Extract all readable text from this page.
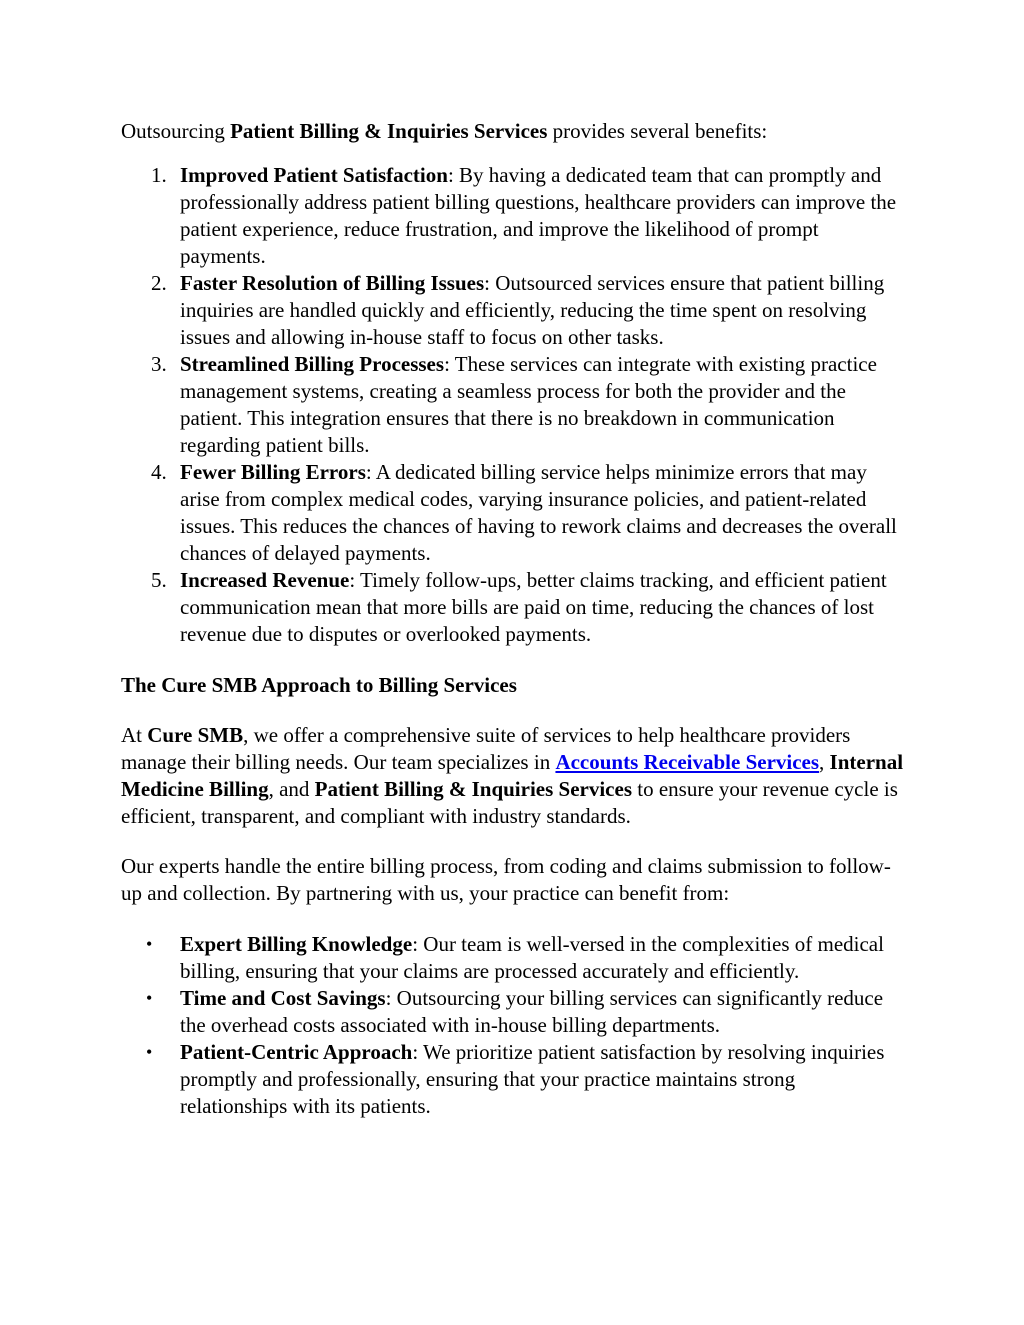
Outsourcing Patient Billing & Inquiries Services provides several benefits:

1. Improved Patient Satisfaction: By having a dedicated team that can promptly and professionally address patient billing questions, healthcare providers can improve the patient experience, reduce frustration, and improve the likelihood of prompt payments.
2. Faster Resolution of Billing Issues: Outsourced services ensure that patient billing inquiries are handled quickly and efficiently, reducing the time spent on resolving issues and allowing in-house staff to focus on other tasks.
3. Streamlined Billing Processes: These services can integrate with existing practice management systems, creating a seamless process for both the provider and the patient. This integration ensures that there is no breakdown in communication regarding patient bills.
4. Fewer Billing Errors: A dedicated billing service helps minimize errors that may arise from complex medical codes, varying insurance policies, and patient-related issues. This reduces the chances of having to rework claims and decreases the overall chances of delayed payments.
5. Increased Revenue: Timely follow-ups, better claims tracking, and efficient patient communication mean that more bills are paid on time, reducing the chances of lost revenue due to disputes or overlooked payments.

The Cure SMB Approach to Billing Services

At Cure SMB, we offer a comprehensive suite of services to help healthcare providers manage their billing needs. Our team specializes in Accounts Receivable Services, Internal Medicine Billing, and Patient Billing & Inquiries Services to ensure your revenue cycle is efficient, transparent, and compliant with industry standards.

Our experts handle the entire billing process, from coding and claims submission to follow-up and collection. By partnering with us, your practice can benefit from:

• Expert Billing Knowledge: Our team is well-versed in the complexities of medical billing, ensuring that your claims are processed accurately and efficiently.
• Time and Cost Savings: Outsourcing your billing services can significantly reduce the overhead costs associated with in-house billing departments.
• Patient-Centric Approach: We prioritize patient satisfaction by resolving inquiries promptly and professionally, ensuring that your practice maintains strong relationships with its patients.
